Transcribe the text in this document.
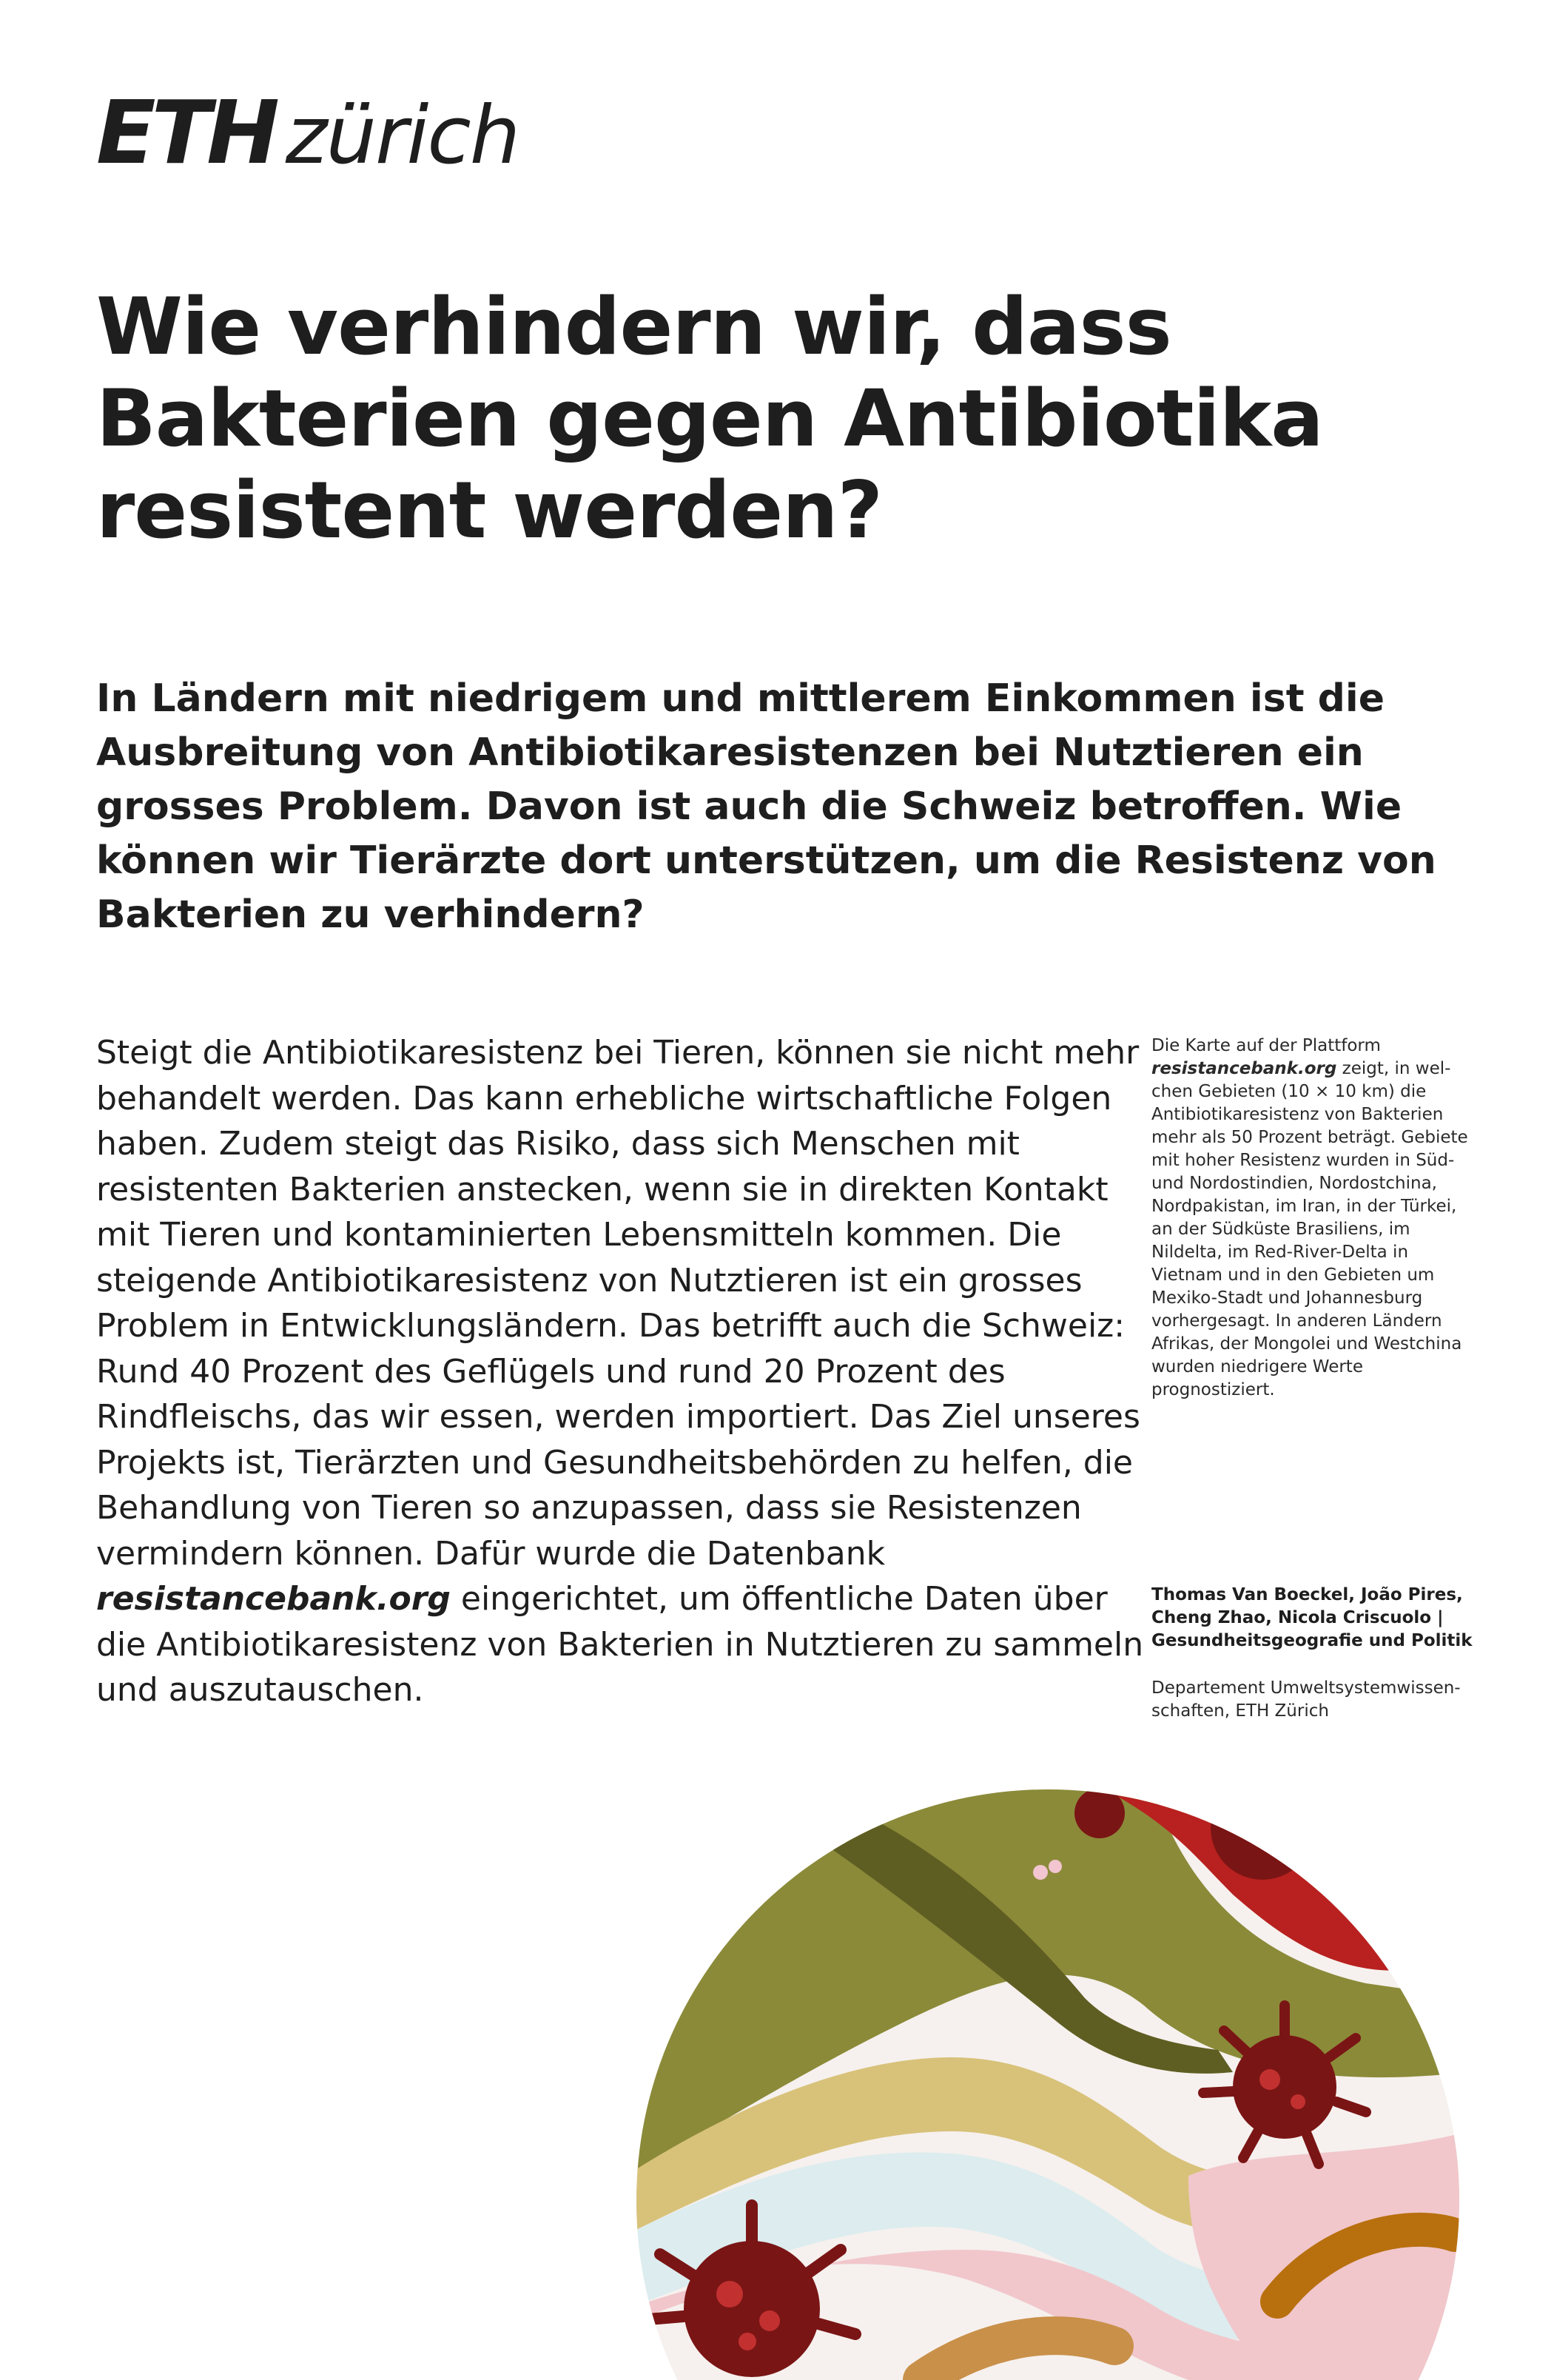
ETH zürich
Wie verhindern wir, dass Bakterien gegen Antibiotika resistent werden?

In Ländern mit niedrigem und mittlerem Einkommen ist die Ausbreitung von Antibiotikaresistenzen bei Nutztieren ein grosses Problem. Davon ist auch die Schweiz betroffen. Wie können wir Tierärzte dort unterstützen, um die Resistenz von Bakterien zu verhindern?

Steigt die Antibiotikaresistenz bei Tieren, können sie nicht mehr behandelt werden. Das kann erhebliche wirtschaftliche Folgen haben. Zudem steigt das Risiko, dass sich Menschen mit resistenten Bakterien anstecken, wenn sie in direkten Kontakt mit Tieren und kontaminierten Lebensmitteln kommen. Die steigende Antibiotikaresistenz von Nutztieren ist ein grosses Problem in Entwicklungsländern. Das betrifft auch die Schweiz: Rund 40 Prozent des Geflügels und rund 20 Prozent des Rindfleischs, das wir essen, werden importiert. Das Ziel unseres Projekts ist, Tierärzten und Gesundheitsbehörden zu helfen, die Behandlung von Tieren so anzupassen, dass sie Resistenzen vermindern können. Dafür wurde die Datenbank resistancebank.org eingerichtet, um öffentliche Daten über die Antibiotikaresistenz von Bakterien in Nutztieren zu sammeln und auszutauschen.

Die Karte auf der Plattform resistancebank.org zeigt, in welchen Gebieten (10 × 10 km) die Antibiotikaresistenz von Bakterien mehr als 50 Prozent beträgt. Gebiete mit hoher Resistenz wurden in Süd- und Nordostindien, Nordostchina, Nordpakistan, im Iran, in der Türkei, an der Südküste Brasiliens, im Nildelta, im Red-River-Delta in Vietnam und in den Gebieten um Mexiko-Stadt und Johannesburg vorhergesagt. In anderen Ländern Afrikas, der Mongolei und Westchina wurden niedrigere Werte prognostiziert.

Thomas Van Boeckel, João Pires, Cheng Zhao, Nicola Criscuolo | Gesundheitsgeografie und Politik

Departement Umweltsystemwissenschaften, ETH Zürich
